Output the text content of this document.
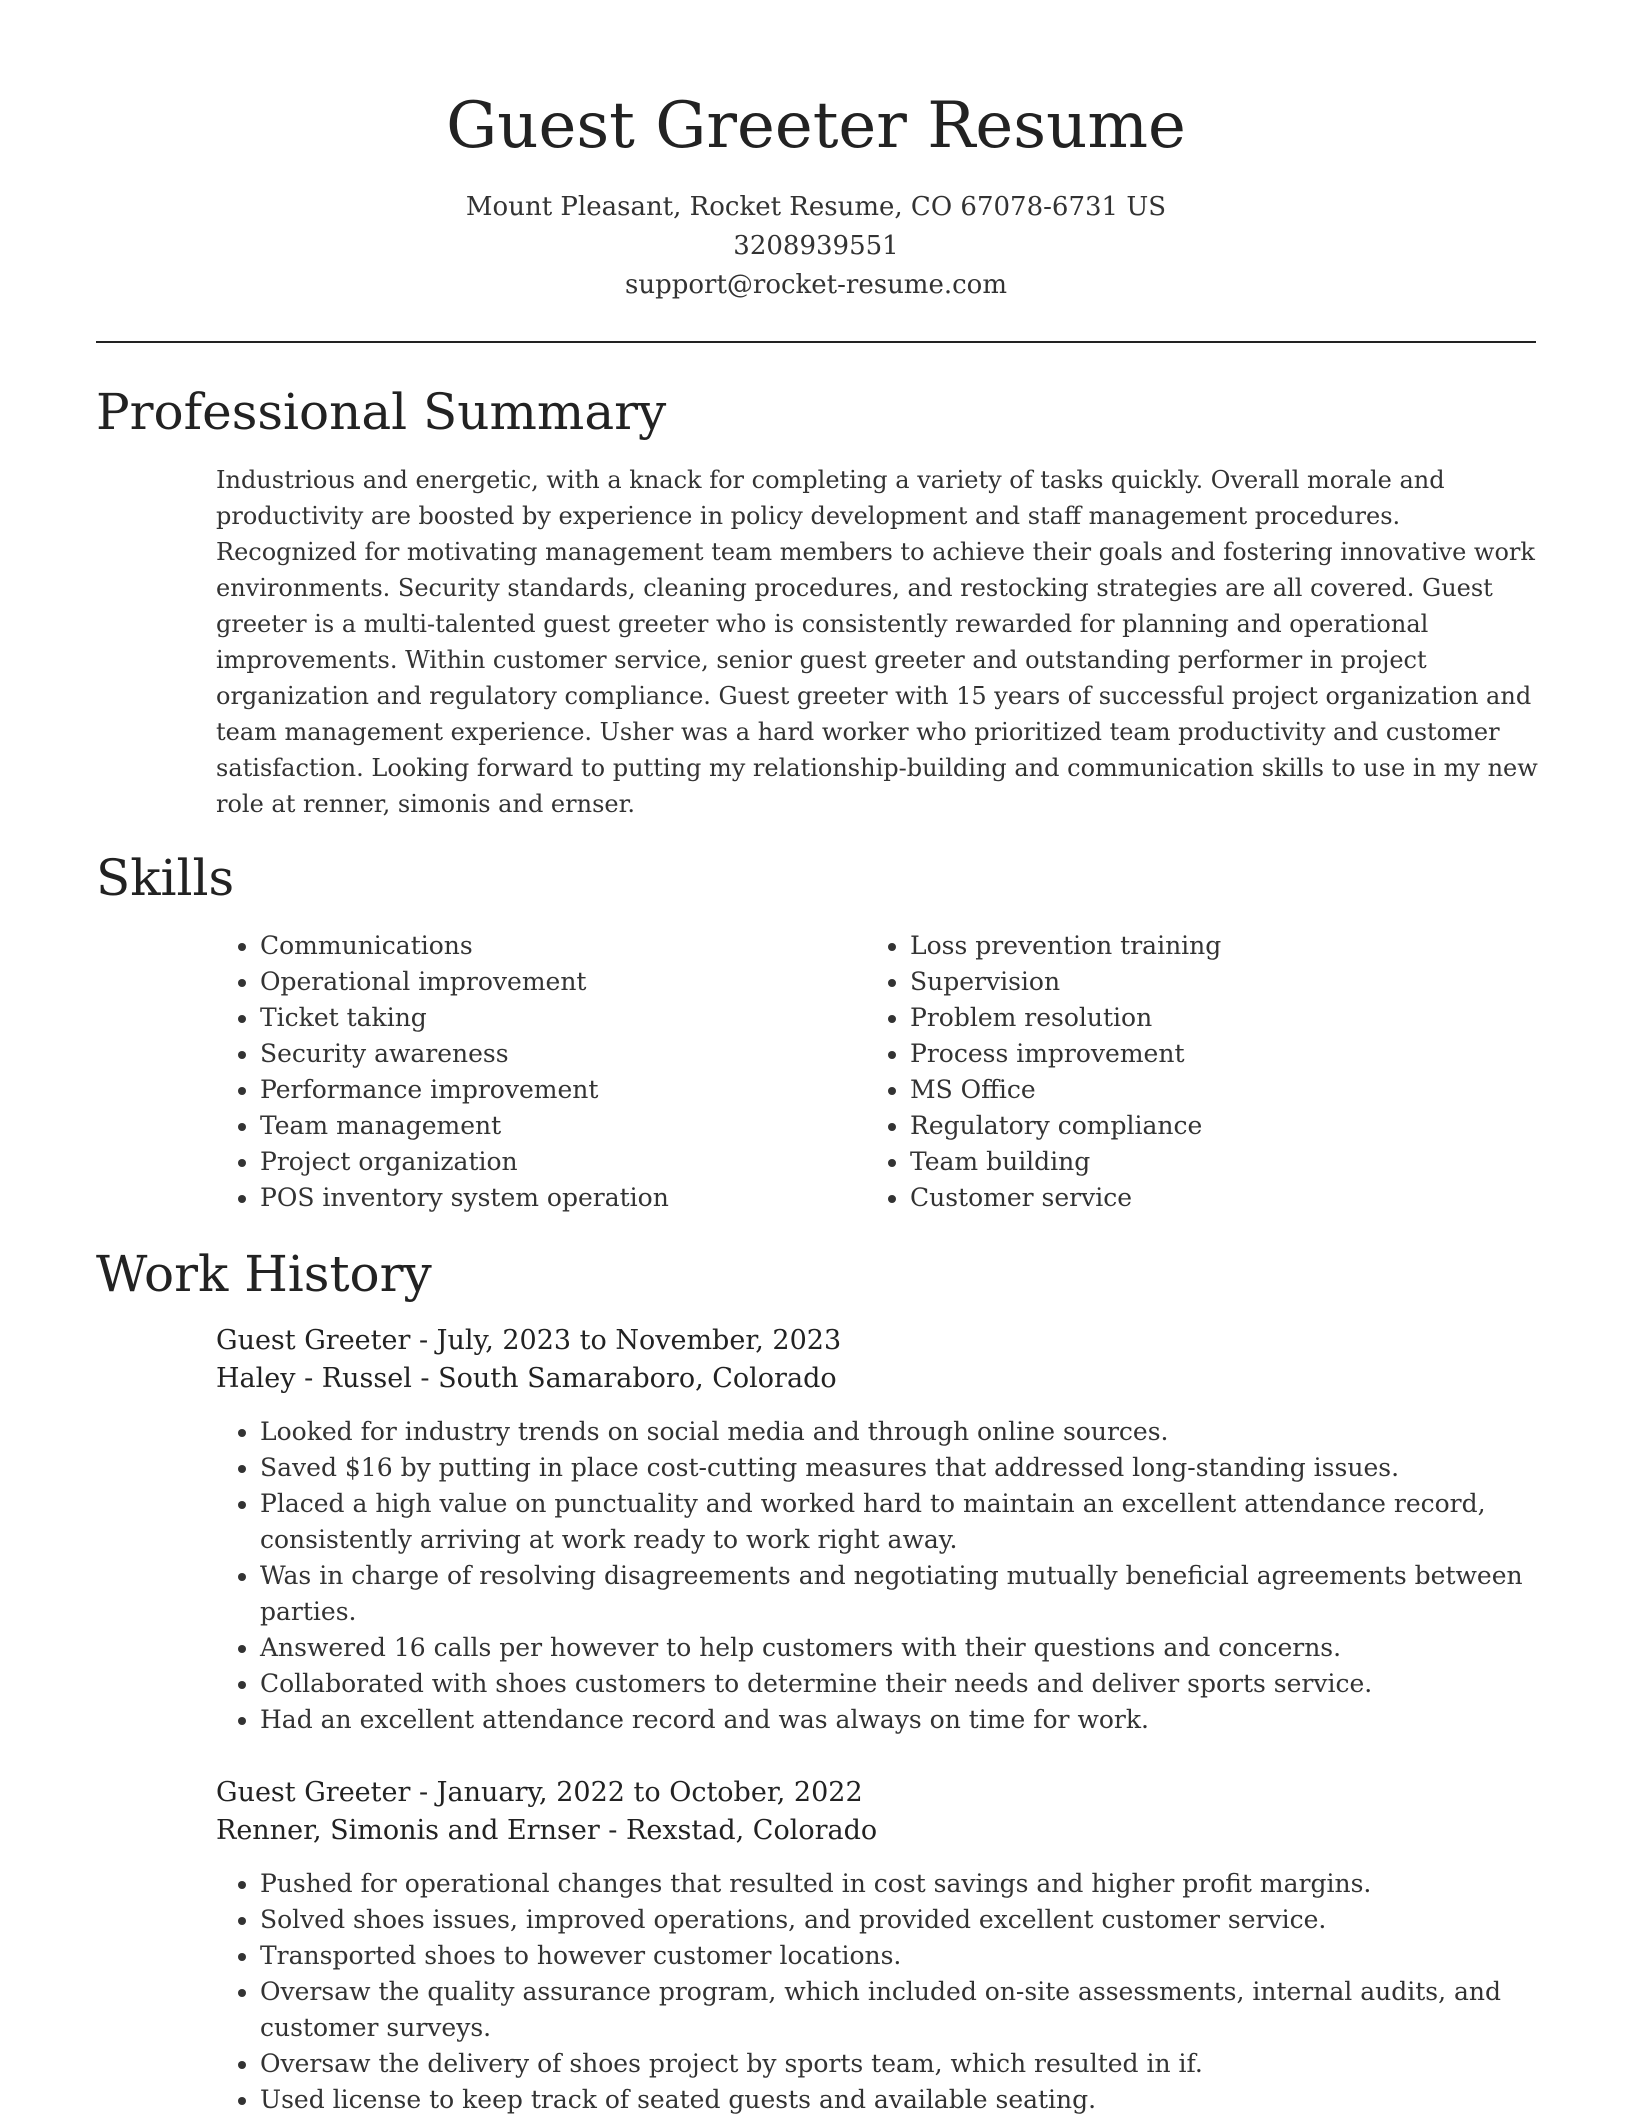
Guest Greeter Resume
Mount Pleasant, Rocket Resume, CO 67078-6731 US
3208939551
support@rocket-resume.com
Professional Summary

Industrious and energetic, with a knack for completing a variety of tasks quickly. Overall morale and productivity are boosted by experience in policy development and staff management procedures. Recognized for motivating management team members to achieve their goals and fostering innovative work environments. Security standards, cleaning procedures, and restocking strategies are all covered. Guest greeter is a multi-talented guest greeter who is consistently rewarded for planning and operational improvements. Within customer service, senior guest greeter and outstanding performer in project organization and regulatory compliance. Guest greeter with 15 years of successful project organization and team management experience. Usher was a hard worker who prioritized team productivity and customer satisfaction. Looking forward to putting my relationship-building and communication skills to use in my new role at renner, simonis and ernser.

Skills
• Communications
• Operational improvement
• Ticket taking
• Security awareness
• Performance improvement
• Team management
• Project organization
• POS inventory system operation
• Loss prevention training
• Supervision
• Problem resolution
• Process improvement
• MS Office
• Regulatory compliance
• Team building
• Customer service
Work History

Guest Greeter - July, 2023 to November, 2023

Haley - Russel - South Samaraboro, Colorado

• Looked for industry trends on social media and through online sources.
• Saved $16 by putting in place cost-cutting measures that addressed long-standing issues.
• Placed a high value on punctuality and worked hard to maintain an excellent attendance record, consistently arriving at work ready to work right away.
• Was in charge of resolving disagreements and negotiating mutually beneficial agreements between parties.
• Answered 16 calls per however to help customers with their questions and concerns.
• Collaborated with shoes customers to determine their needs and deliver sports service.
• Had an excellent attendance record and was always on time for work.

Guest Greeter - January, 2022 to October, 2022

Renner, Simonis and Ernser - Rexstad, Colorado

• Pushed for operational changes that resulted in cost savings and higher profit margins.
• Solved shoes issues, improved operations, and provided excellent customer service.
• Transported shoes to however customer locations.
• Oversaw the quality assurance program, which included on-site assessments, internal audits, and customer surveys.
• Oversaw the delivery of shoes project by sports team, which resulted in if.
• Used license to keep track of seated guests and available seating.
